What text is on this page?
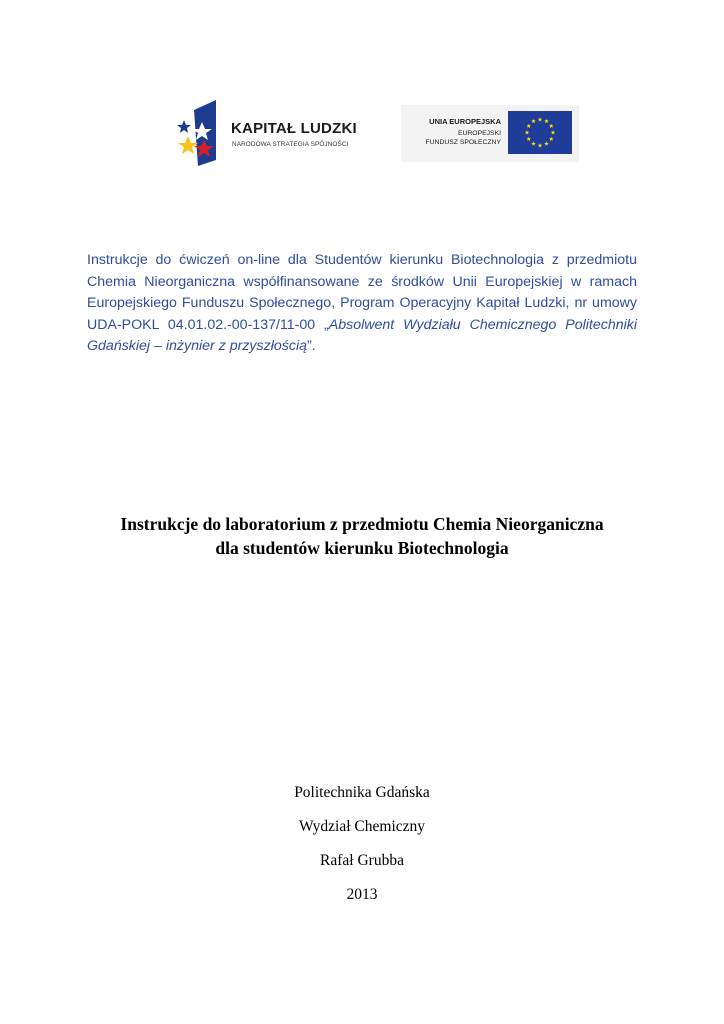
KAPITAŁ LUDZKI
NARODOWA STRATEGIA SPÓJNOŚCI
UNIA EUROPEJSKA
EUROPEJSKI
FUNDUSZ SPOŁECZNY

Instrukcje do ćwiczeń on-line dla Studentów kierunku Biotechnologia z przedmiotu Chemia Nieorganiczna współfinansowane ze środków Unii Europejskiej w ramach Europejskiego Funduszu Społecznego, Program Operacyjny Kapitał Ludzki, nr umowy UDA-POKL 04.01.02.-00-137/11-00 „Absolwent Wydziału Chemicznego Politechniki Gdańskiej – inżynier z przyszłością”.

Instrukcje do laboratorium z przedmiotu Chemia Nieorganiczna
dla studentów kierunku Biotechnologia
Politechnika Gdańska
Wydział Chemiczny
Rafał Grubba
2013
